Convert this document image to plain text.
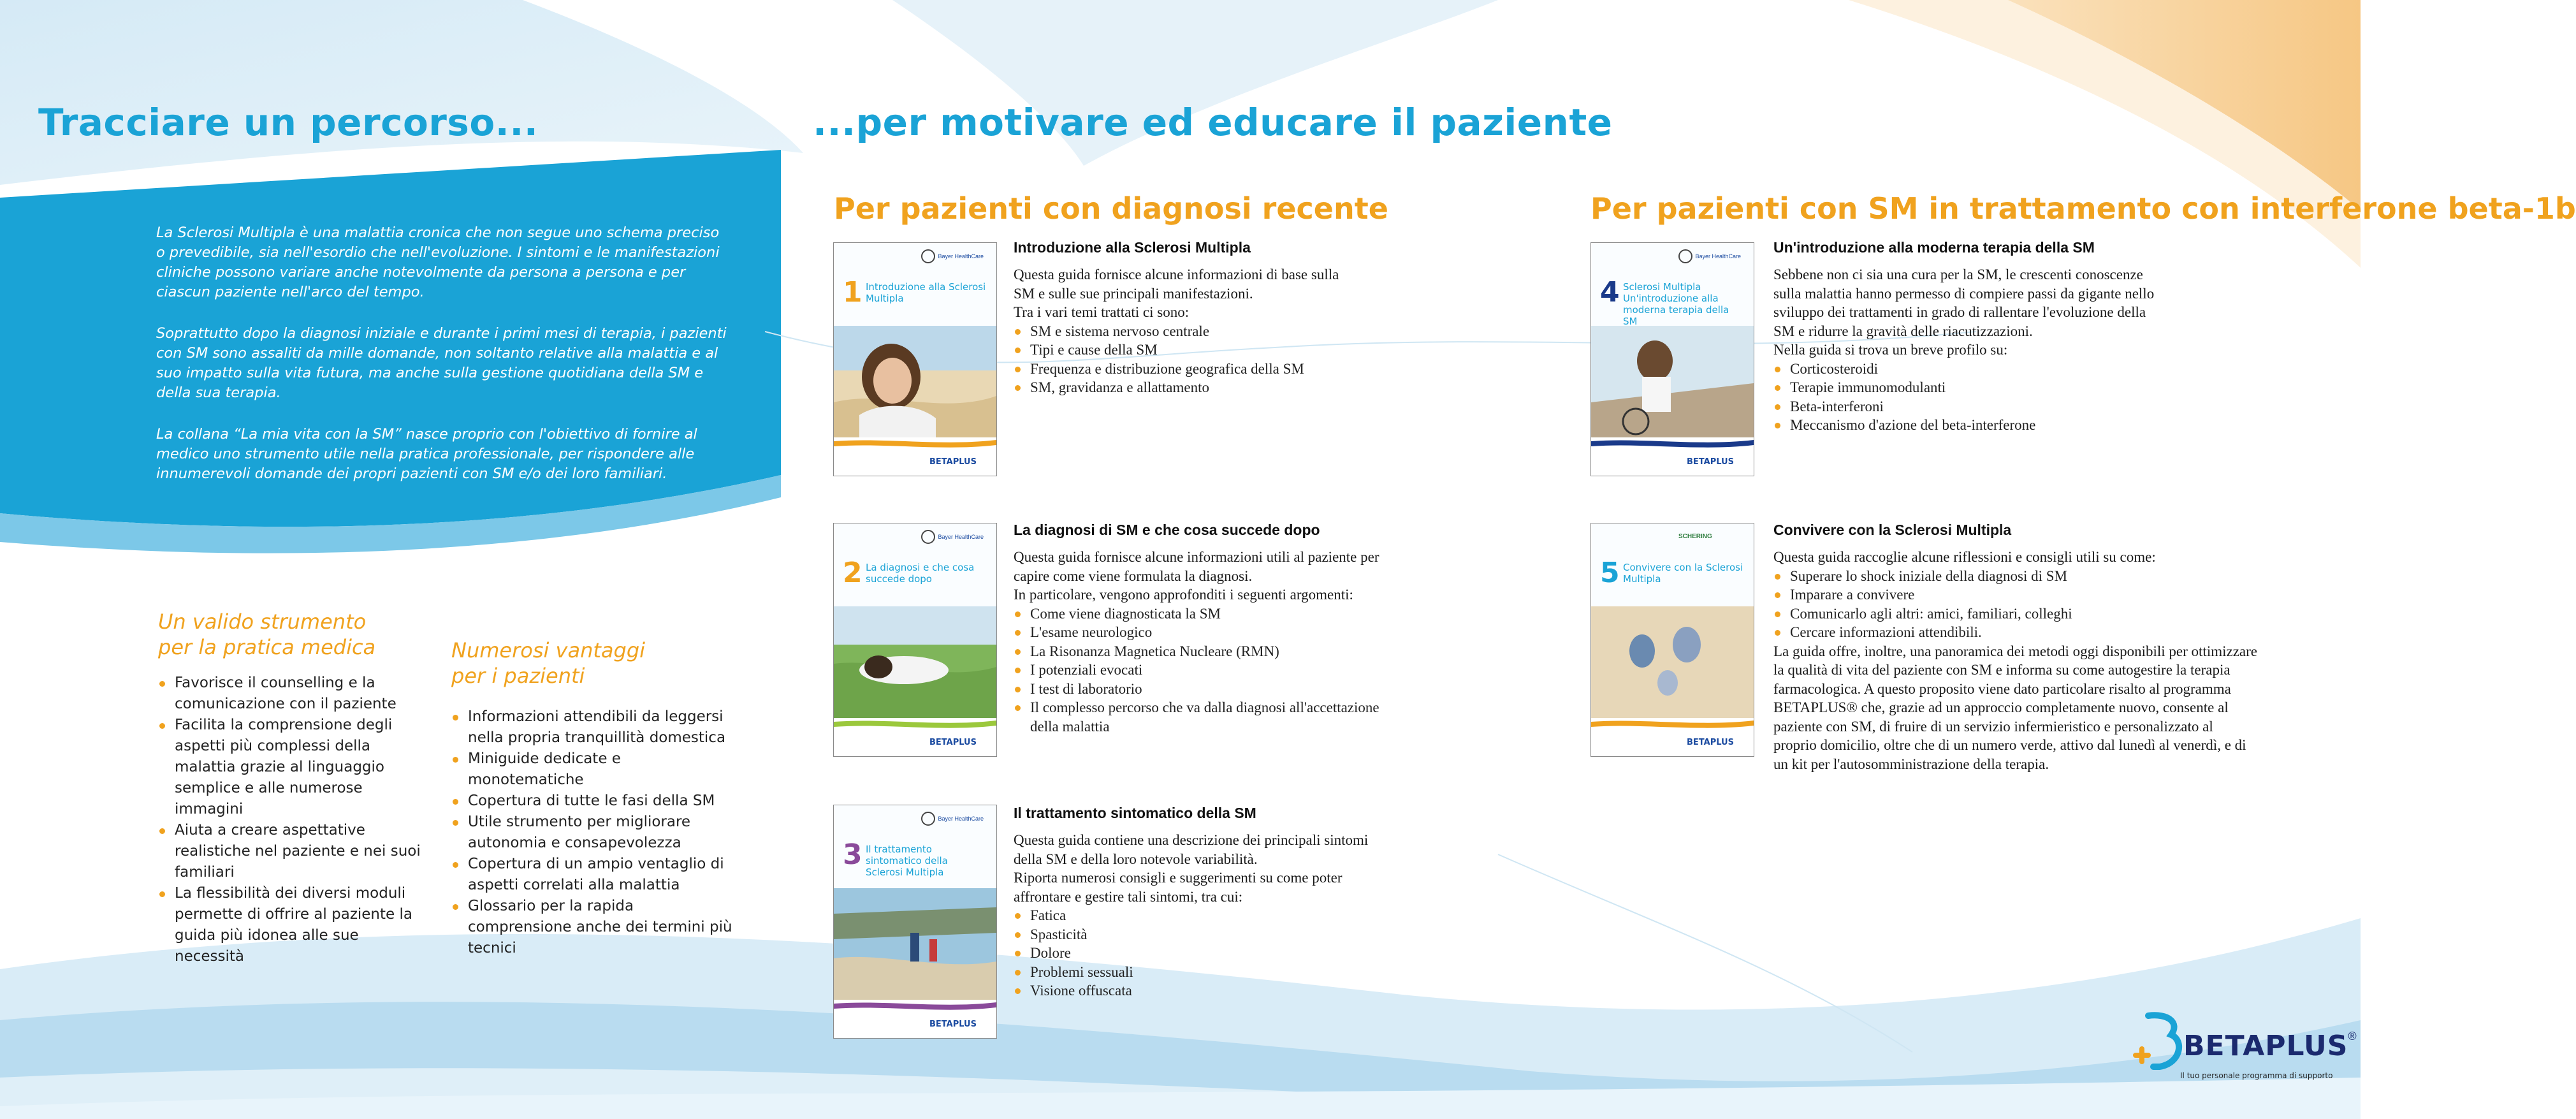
Tracciare un percorso...

La Sclerosi Multipla è una malattia cronica che non segue uno schema preciso o prevedibile, sia nell'esordio che nell'evoluzione. I sintomi e le manifestazioni cliniche possono variare anche notevolmente da persona a persona e per ciascun paziente nell'arco del tempo.

Soprattutto dopo la diagnosi iniziale e durante i primi mesi di terapia, i pazienti con SM sono assaliti da mille domande, non soltanto relative alla malattia e al suo impatto sulla vita futura, ma anche sulla gestione quotidiana della SM e della sua terapia.

La collana “La mia vita con la SM” nasce proprio con l'obiettivo di fornire al medico uno strumento utile nella pratica professionale, per rispondere alle innumerevoli domande dei propri pazienti con SM e/o dei loro familiari.

Un valido strumento
per la pratica medica
Favorisce il counselling e la comunicazione con il paziente
Facilita la comprensione degli aspetti più complessi della malattia grazie al linguaggio semplice e alle numerose immagini
Aiuta a creare aspettative realistiche nel paziente e nei suoi familiari
La flessibilità dei diversi moduli permette di offrire al paziente la guida più idonea alle sue necessità
Numerosi vantaggi
per i pazienti
Informazioni attendibili da leggersi nella propria tranquillità domestica
Miniguide dedicate e monotematiche
Copertura di tutte le fasi della SM
Utile strumento per migliorare autonomia e consapevolezza
Copertura di un ampio ventaglio di aspetti correlati alla malattia
Glossario per la rapida comprensione anche dei termini più tecnici
...per motivare ed educare il paziente
Per pazienti con diagnosi recente	Per pazienti con SM in trattamento con interferone beta-1b
1 Introduzione alla Sclerosi Multipla
Bayer HealthCare
BETAPLUS
Introduzione alla Sclerosi Multipla

Questa guida fornisce alcune informazioni di base sulla SM e sulle sue principali manifestazioni.

Tra i vari temi trattati ci sono:

SM e sistema nervoso centrale
Tipi e cause della SM
Frequenza e distribuzione geografica della SM
SM, gravidanza e allattamento
2 La diagnosi e che cosa succede dopo
Bayer HealthCare
BETAPLUS
La diagnosi di SM e che cosa succede dopo

Questa guida fornisce alcune informazioni utili al paziente per capire come viene formulata la diagnosi.

In particolare, vengono approfonditi i seguenti argomenti:

Come viene diagnosticata la SM
L'esame neurologico
La Risonanza Magnetica Nucleare (RMN)
I potenziali evocati
I test di laboratorio
Il complesso percorso che va dalla diagnosi all'accettazione della malattia
3 Il trattamento sintomatico della Sclerosi Multipla
Bayer HealthCare
BETAPLUS
Il trattamento sintomatico della SM

Questa guida contiene una descrizione dei principali sintomi della SM e della loro notevole variabilità.

Riporta numerosi consigli e suggerimenti su come poter affrontare e gestire tali sintomi, tra cui:

Fatica
Spasticità
Dolore
Problemi sessuali
Visione offuscata
4 Sclerosi Multipla Un'introduzione alla moderna terapia della SM
Bayer HealthCare
BETAPLUS
Un'introduzione alla moderna terapia della SM

Sebbene non ci sia una cura per la SM, le crescenti conoscenze sulla malattia hanno permesso di compiere passi da gigante nello sviluppo dei trattamenti in grado di rallentare l'evoluzione della SM e ridurre la gravità delle riacutizzazioni.

Nella guida si trova un breve profilo su:

Corticosteroidi
Terapie immunomodulanti
Beta-interferoni
Meccanismo d'azione del beta-interferone
5 Convivere con la Sclerosi Multipla
SCHERING
BETAPLUS
Convivere con la Sclerosi Multipla

Questa guida raccoglie alcune riflessioni e consigli utili su come:

Superare lo shock iniziale della diagnosi di SM
Imparare a convivere
Comunicarlo agli altri: amici, familiari, colleghi
Cercare informazioni attendibili.

La guida offre, inoltre, una panoramica dei metodi oggi disponibili per ottimizzare la qualità di vita del paziente con SM e informa su come autogestire la terapia farmacologica. A questo proposito viene dato particolare risalto al programma BETAPLUS® che, grazie ad un approccio completamente nuovo, consente al paziente con SM, di fruire di un servizio infermieristico e personalizzato al proprio domicilio, oltre che di un numero verde, attivo dal lunedì al venerdì, e di un kit per l'autosomministrazione della terapia.

BETAPLUS®
Il tuo personale programma di supporto
